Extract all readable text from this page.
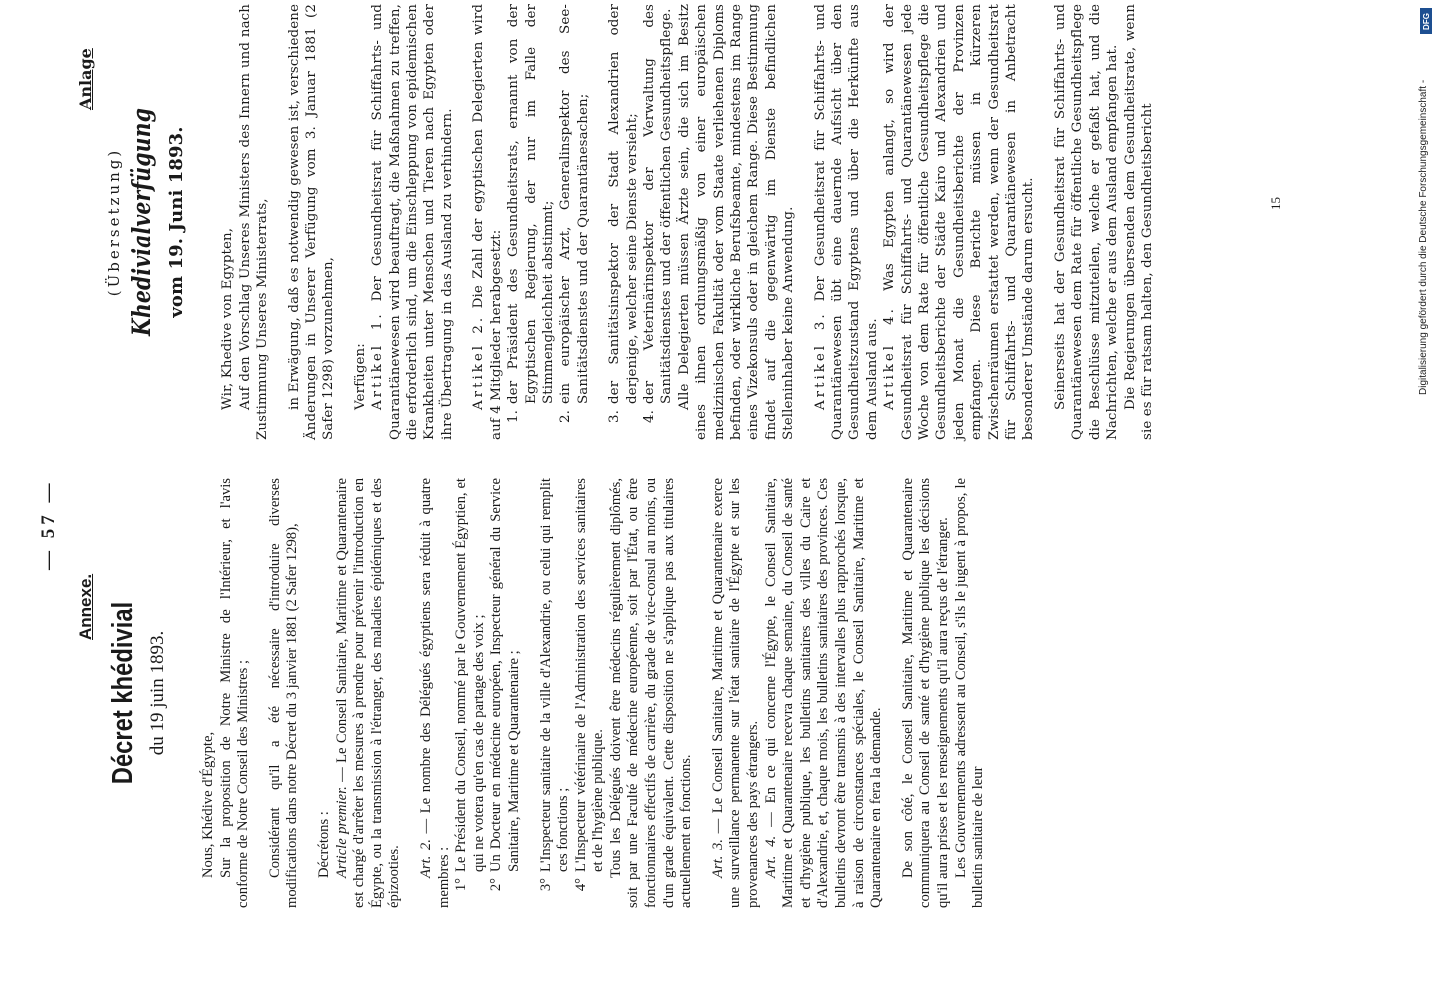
— 57 —
Annexe.
Anlage
Décret khédivial du 19 juin 1893.

Nous, Khédive d'Égypte, Sur la proposition de Notre Ministre de l'Intérieur, et l'avis conforme de Notre Conseil des Ministres ; Considérant qu'il a été nécessaire d'introduire diverses modifications dans notre Décret du 3 janvier 1881 (2 Safer 1298), Décrétons : Article premier. — Le Conseil Sanitaire, Maritime et Quarantenaire est chargé d'arrêter les mesures à prendre pour prévenir l'introduction en Égypte, ou la transmission à l'étranger, des maladies épidémiques et des épizooties. Art. 2. — Le nombre des Délégués égyptiens sera réduit à quatre membres : 1°
Le Président du Conseil, nommé par le Gouvernement Égyptien, et qui ne votera qu'en cas de partage des voix ;
2°
Un Docteur en médecine européen, Inspecteur général du Service Sanitaire, Maritime et Quarantenaire ;
3°
L'Inspecteur sanitaire de la ville d'Alexandrie, ou celui qui remplit ces fonctions ;
4°
L'Inspecteur vétérinaire de l'Administration des services sanitaires et de l'hygiène publique. Tous les Délégués doivent être médecins régulièrement diplômés, soit par une Faculté de médecine européenne, soit par l'État, ou être fonctionnaires effectifs de carrière, du grade de vice-consul au moins, ou d'un grade équivalent. Cette disposition ne s'applique pas aux titulaires actuellement en fonctions. Art. 3. — Le Conseil Sanitaire, Maritime et Quarantenaire exerce une surveillance permanente sur l'état sanitaire de l'Égypte et sur les provenances des pays étrangers. Art. 4. — En ce qui concerne l'Égypte, le Conseil Sanitaire, Maritime et Quarantenaire recevra chaque semaine, du Conseil de santé et d'hygiène publique, les bulletins sanitaires des villes du Caire et d'Alexandrie, et, chaque mois, les bulletins sanitaires des provinces. Ces bulletins devront être transmis à des intervalles plus rapprochés lorsque, à raison de circonstances spéciales, le Conseil Sanitaire, Maritime et Quarantenaire en fera la demande. De son côté, le Conseil Sanitaire, Maritime et Quarantenaire communiquera au Conseil de santé et d'hygiène publique les décisions qu'il aura prises et les renseignements qu'il aura reçus de l'étranger. Les Gouvernements adressent au Conseil, s'ils le jugent à propos, le bulletin sanitaire de leur

(Übersetzung) Khedivialverfügung vom 19. Juni 1893.

Wir, Khedive von Egypten, Auf den Vorschlag Unseres Ministers des Innern und nach Zustimmung Unseres Ministerrats, in Erwägung, daß es notwendig gewesen ist, verschiedene Änderungen in Unserer Verfügung vom 3. Januar 1881 (2 Safer 1298) vorzunehmen, Verfügen: Artikel 1. Der Gesundheitsrat für Schiffahrts- und Quarantänewesen wird beauftragt, die Maßnahmen zu treffen, die erforderlich sind, um die Einschleppung von epidemischen Krankheiten unter Menschen und Tieren nach Egypten oder ihre Übertragung in das Ausland zu verhindern. Artikel 2. Die Zahl der egyptischen Delegierten wird auf 4 Mitglieder herabgesetzt: 1.
der Präsident des Gesundheitsrats, ernannt von der Egyptischen Regierung, der nur im Falle der Stimmengleichheit abstimmt;
2.
ein europäischer Arzt, Generalinspektor des See-Sanitätsdienstes und der Quarantänesachen;
3.
der Sanitätsinspektor der Stadt Alexandrien oder derjenige, welcher seine Dienste versieht;
4.
der Veterinärinspektor der Verwaltung des Sanitätsdienstes und der öffentlichen Gesundheitspflege. Alle Delegierten müssen Ärzte sein, die sich im Besitz eines ihnen ordnungsmäßig von einer europäischen medizinischen Fakultät oder vom Staate verliehenen Diploms befinden, oder wirkliche Berufsbeamte, mindestens im Range eines Vizekonsuls oder in gleichem Range. Diese Bestimmung findet auf die gegenwärtig im Dienste befindlichen Stelleninhaber keine Anwendung. Artikel 3. Der Gesundheitsrat für Schiffahrts- und Quarantänewesen übt eine dauernde Aufsicht über den Gesundheitszustand Egyptens und über die Herkünfte aus dem Ausland aus. Artikel 4. Was Egypten anlangt, so wird der Gesundheitsrat für Schiffahrts- und Quarantänewesen jede Woche von dem Rate für öffentliche Gesundheitspflege die Gesundheitsberichte der Städte Kairo und Alexandrien und jeden Monat die Gesundheitsberichte der Provinzen empfangen. Diese Berichte müssen in kürzeren Zwischenräumen erstattet werden, wenn der Gesundheitsrat für Schiffahrts- und Quarantänewesen in Anbetracht besonderer Umstände darum ersucht. Seinerseits hat der Gesundheitsrat für Schiffahrts- und Quarantänewesen dem Rate für öffentliche Gesundheitspflege die Beschlüsse mitzuteilen, welche er gefaßt hat, und die Nachrichten, welche er aus dem Ausland empfangen hat. Die Regierungen übersenden dem Gesundheitsrate, wenn sie es für ratsam halten, den Gesundheitsbericht	15	Digitalisierung gefördert durch die Deutsche Forschungsgemeinschaft -
DFG
